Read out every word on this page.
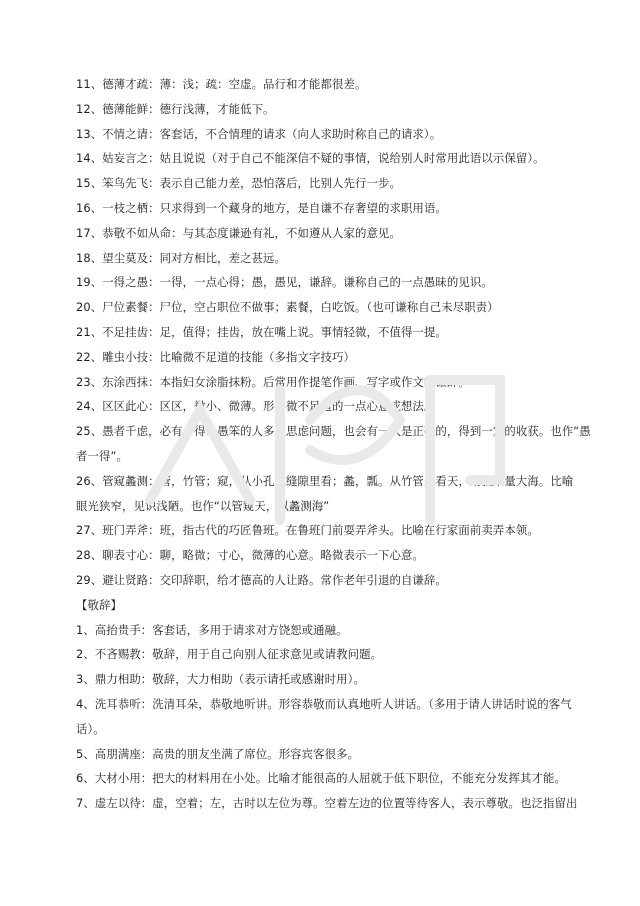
11、德薄才疏：薄：浅；疏：空虚。品行和才能都很差。
12、德薄能鲜：德行浅薄，才能低下。
13、不情之请：客套话，不合情理的请求（向人求助时称自己的请求）。
14、姑妄言之：姑且说说（对于自己不能深信不疑的事情，说给别人时常用此语以示保留）。
15、笨鸟先飞：表示自己能力差，恐怕落后，比别人先行一步。
16、一枝之栖：只求得到一个藏身的地方，是自谦不存奢望的求职用语。
17、恭敬不如从命：与其态度谦逊有礼，不如遵从人家的意见。
18、望尘莫及：同对方相比，差之甚远。
19、一得之愚：一得，一点心得；愚，愚见，谦辞。谦称自己的一点愚昧的见识。
20、尸位素餐：尸位，空占职位不做事；素餐，白吃饭。（也可谦称自己未尽职责）
21、不足挂齿：足，值得；挂齿，放在嘴上说。事情轻微，不值得一提。
22、雕虫小技：比喻微不足道的技能（多指文字技巧）
23、东涂西抹：本指妇女涂脂抹粉。后常用作提笔作画、写字或作文的谦辞。
24、区区此心：区区，微小、微薄。形容微不足道的一点心意或想法。
25、愚者千虑，必有一得：愚笨的人多次思虑问题，也会有一次是正确的，得到一定的收获。也作“愚
者一得”。
26、管窥蠡测：管，竹管；窥，从小孔或缝隙里看；蠡，瓢。从竹管里看天，用瓢来量大海。比喻
眼光狭窄，见识浅陋。也作“以管窥天，以蠡测海”
27、班门弄斧：班，指古代的巧匠鲁班。在鲁班门前耍弄斧头。比喻在行家面前卖弄本领。
28、聊表寸心：聊，略微；寸心，微薄的心意。略微表示一下心意。
29、避让贤路：交印辞职，给才德高的人让路。常作老年引退的自谦辞。
【敬辞】
1、高抬贵手：客套话，多用于请求对方饶恕或通融。
2、不吝赐教：敬辞，用于自己向别人征求意见或请教问题。
3、鼎力相助：敬辞，大力相助（表示请托或感谢时用）。
4、洗耳恭听：洗清耳朵，恭敬地听讲。形容恭敬而认真地听人讲话。（多用于请人讲话时说的客气
话）。
5、高朋满座：高贵的朋友坐满了席位。形容宾客很多。
6、大材小用：把大的材料用在小处。比喻才能很高的人屈就于低下职位，不能充分发挥其才能。
7、虚左以待：虚，空着；左，古时以左位为尊。空着左边的位置等待客人，表示尊敬。也泛指留出
